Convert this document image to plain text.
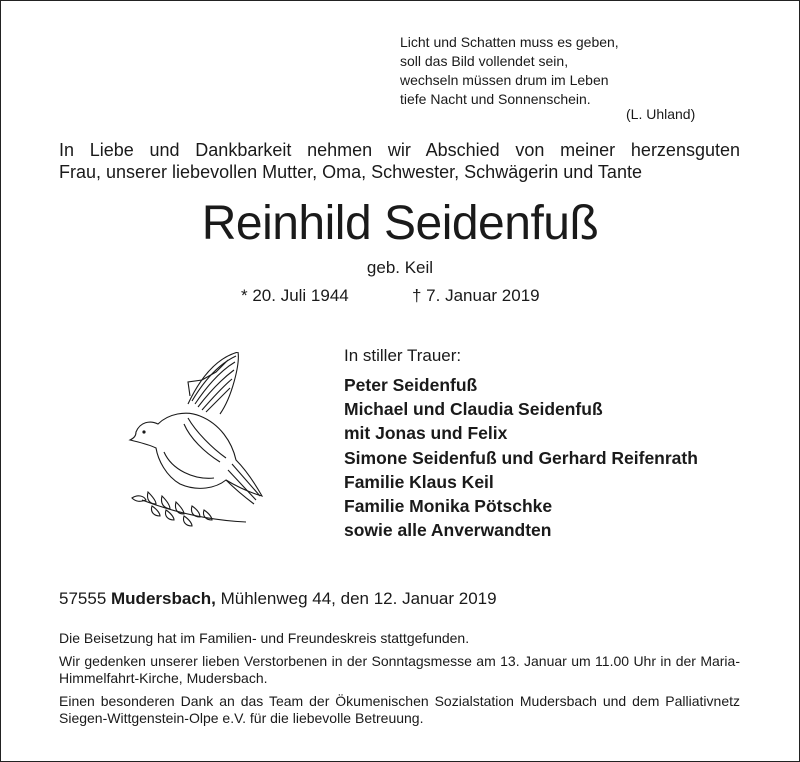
Licht und Schatten muss es geben,
soll das Bild vollendet sein,
wechseln müssen drum im Leben
tiefe Nacht und Sonnenschein.
(L. Uhland)
In Liebe und Dankbarkeit nehmen wir Abschied von meiner herzensguten
Frau, unserer liebevollen Mutter, Oma, Schwester, Schwägerin und Tante
Reinhild Seidenfuß
geb. Keil
* 20. Juli 1944	† 7. Januar 2019
In stiller Trauer:
Peter Seidenfuß
Michael und Claudia Seidenfuß
mit Jonas und Felix
Simone Seidenfuß und Gerhard Reifenrath
Familie Klaus Keil
Familie Monika Pötschke
sowie alle Anverwandten
57555 Mudersbach, Mühlenweg 44, den 12. Januar 2019

Die Beisetzung hat im Familien- und Freundeskreis stattgefunden.

Wir gedenken unserer lieben Verstorbenen in der Sonntagsmesse am 13. Januar um 11.00 Uhr in der Maria-Himmelfahrt-Kirche, Mudersbach.

Einen besonderen Dank an das Team der Ökumenischen Sozialstation Mudersbach und dem Palliativnetz Siegen-Wittgenstein-Olpe e.V. für die liebevolle Betreuung.
